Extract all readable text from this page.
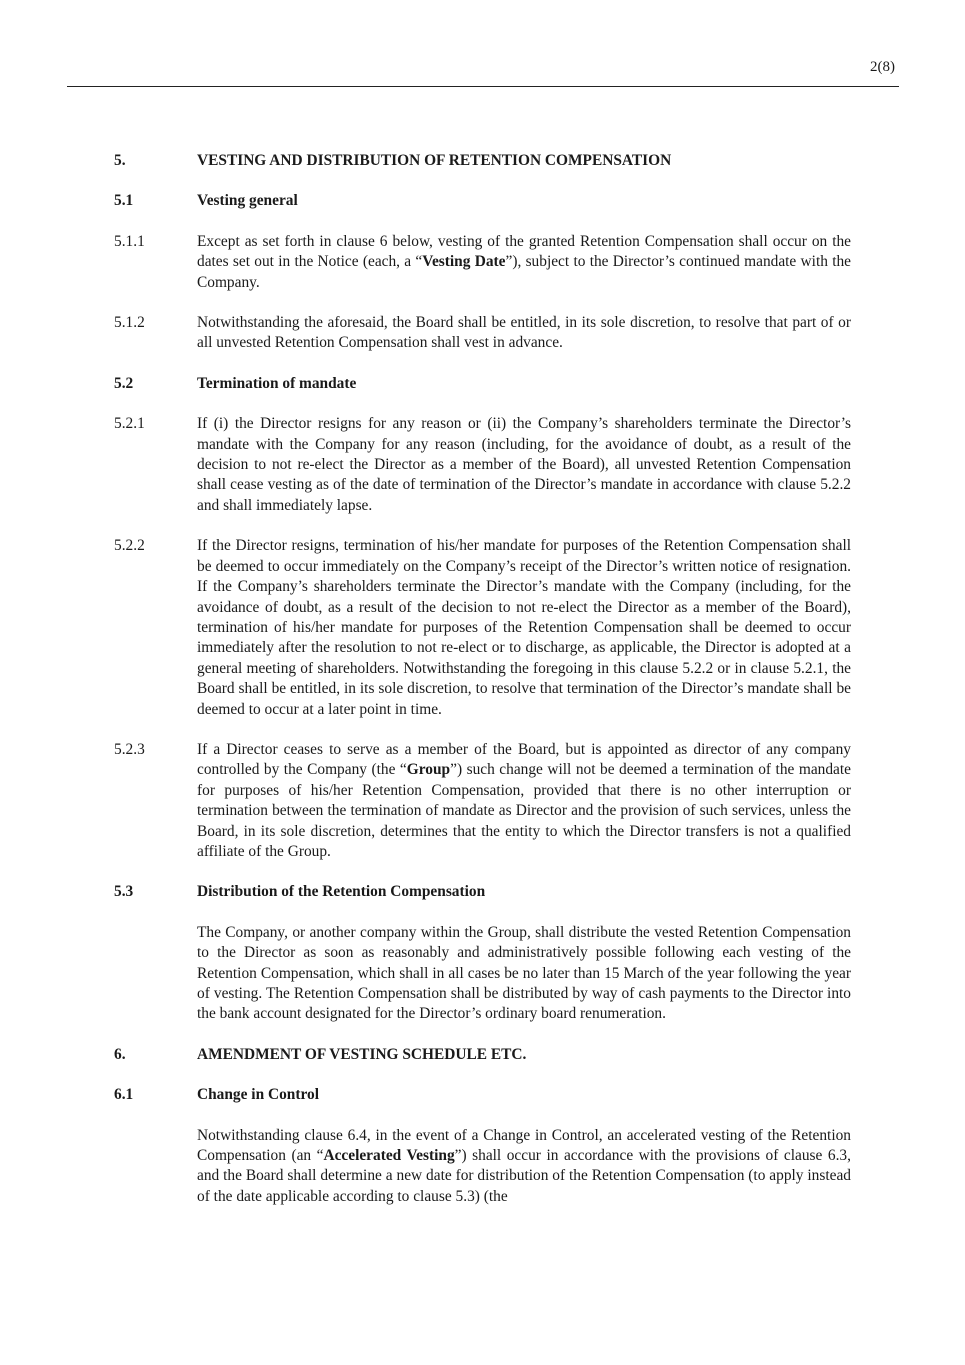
2(8)
5.	VESTING AND DISTRIBUTION OF RETENTION COMPENSATION
5.1	Vesting general
5.1.1	Except as set forth in clause 6 below, vesting of the granted Retention Compensation shall occur on the dates set out in the Notice (each, a “Vesting Date”), subject to the Director’s continued mandate with the Company.
5.1.2	Notwithstanding the aforesaid, the Board shall be entitled, in its sole discretion, to resolve that part of or all unvested Retention Compensation shall vest in advance.
5.2	Termination of mandate
5.2.1	If (i) the Director resigns for any reason or (ii) the Company’s shareholders terminate the Director’s mandate with the Company for any reason (including, for the avoidance of doubt, as a result of the decision to not re-elect the Director as a member of the Board), all unvested Retention Compensation shall cease vesting as of the date of termination of the Director’s mandate in accordance with clause 5.2.2 and shall immediately lapse.
5.2.2	If the Director resigns, termination of his/her mandate for purposes of the Retention Compensation shall be deemed to occur immediately on the Company’s receipt of the Director’s written notice of resignation. If the Company’s shareholders terminate the Director’s mandate with the Company (including, for the avoidance of doubt, as a result of the decision to not re-elect the Director as a member of the Board), termination of his/her mandate for purposes of the Retention Compensation shall be deemed to occur immediately after the resolution to not re-elect or to discharge, as applicable, the Director is adopted at a general meeting of shareholders. Notwithstanding the foregoing in this clause 5.2.2 or in clause 5.2.1, the Board shall be entitled, in its sole discretion, to resolve that termination of the Director’s mandate shall be deemed to occur at a later point in time.
5.2.3	If a Director ceases to serve as a member of the Board, but is appointed as director of any company controlled by the Company (the “Group”) such change will not be deemed a termination of the mandate for purposes of his/her Retention Compensation, provided that there is no other interruption or termination between the termination of mandate as Director and the provision of such services, unless the Board, in its sole discretion, determines that the entity to which the Director transfers is not a qualified affiliate of the Group.
5.3	Distribution of the Retention Compensation
The Company, or another company within the Group, shall distribute the vested Retention Compensation to the Director as soon as reasonably and administratively possible following each vesting of the Retention Compensation, which shall in all cases be no later than 15 March of the year following the year of vesting. The Retention Compensation shall be distributed by way of cash payments to the Director into the bank account designated for the Director’s ordinary board renumeration.
6.	AMENDMENT OF VESTING SCHEDULE ETC.
6.1	Change in Control
Notwithstanding clause 6.4, in the event of a Change in Control, an accelerated vesting of the Retention Compensation (an “Accelerated Vesting”) shall occur in accordance with the provisions of clause 6.3, and the Board shall determine a new date for distribution of the Retention Compensation (to apply instead of the date applicable according to clause 5.3) (the
